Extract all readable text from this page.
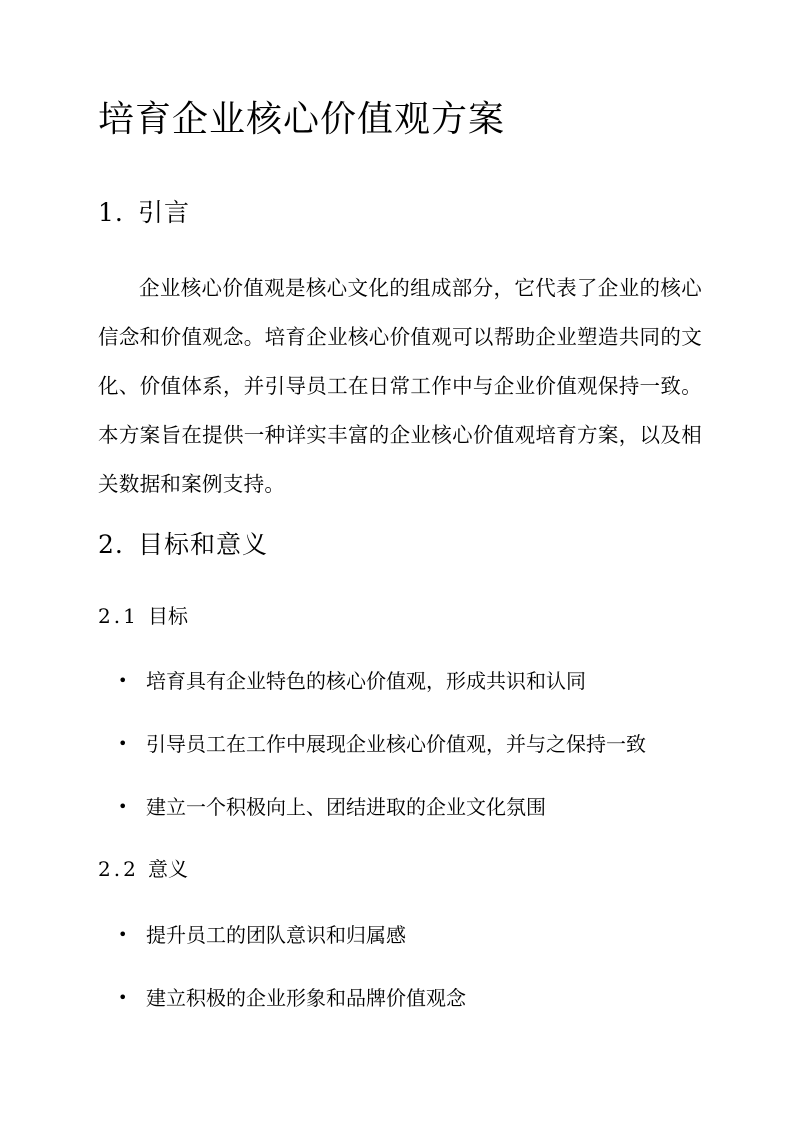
培育企业核心价值观方案
1. 引言
企业核心价值观是核心文化的组成部分，它代表了企业的核心信念和价值观念。培育企业核心价值观可以帮助企业塑造共同的文化、价值体系，并引导员工在日常工作中与企业价值观保持一致。本方案旨在提供一种详实丰富的企业核心价值观培育方案，以及相关数据和案例支持。
2. 目标和意义
2.1 目标
• 培育具有企业特色的核心价值观，形成共识和认同
• 引导员工在工作中展现企业核心价值观，并与之保持一致
• 建立一个积极向上、团结进取的企业文化氛围
2.2 意义
• 提升员工的团队意识和归属感
• 建立积极的企业形象和品牌价值观念
